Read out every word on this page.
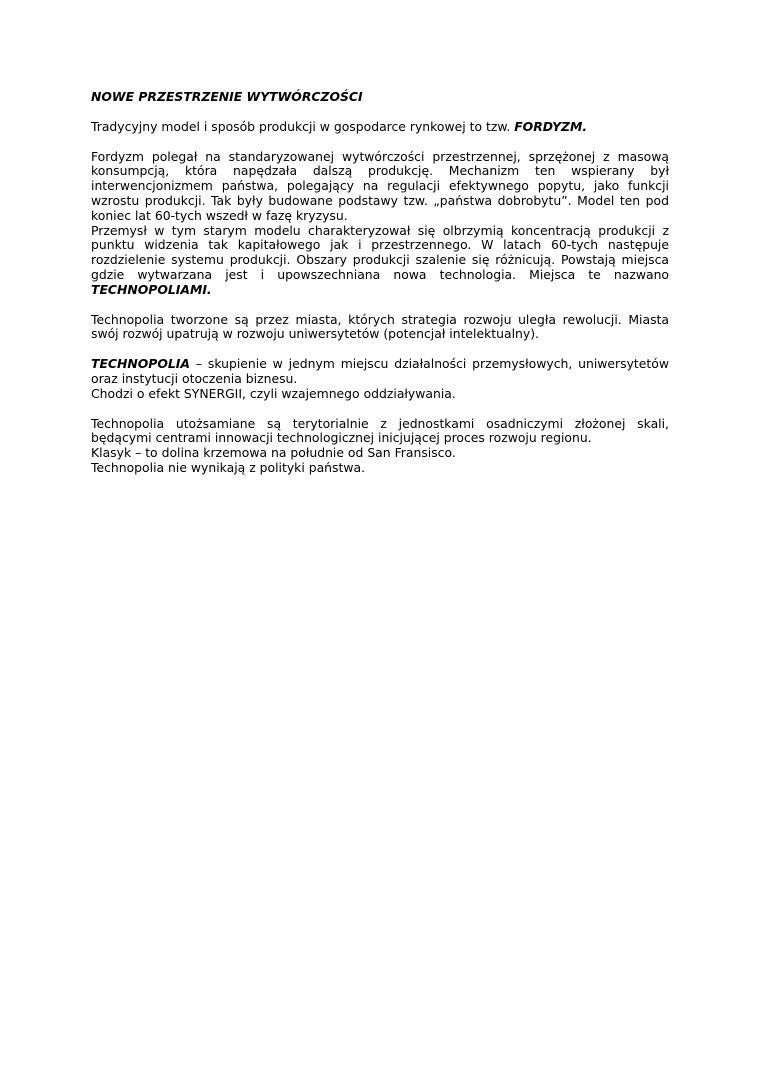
NOWE PRZESTRZENIE WYTWÓRCZOŚCI

Tradycyjny model i sposób produkcji w gospodarce rynkowej to tzw. FORDYZM.

Fordyzm polegał na standaryzowanej wytwórczości przestrzennej, sprzężonej z masową konsumpcją, która napędzała dalszą produkcję. Mechanizm ten wspierany był interwencjonizmem państwa, polegający na regulacji efektywnego popytu, jako funkcji wzrostu produkcji. Tak były budowane podstawy tzw. „państwa dobrobytu”. Model ten pod koniec lat 60-tych wszedł w fazę kryzysu.

Przemysł w tym starym modelu charakteryzował się olbrzymią koncentracją produkcji z punktu widzenia tak kapitałowego jak i przestrzennego. W latach 60-tych następuje rozdzielenie systemu produkcji. Obszary produkcji szalenie się różnicują. Powstają miejsca gdzie wytwarzana jest i upowszechniana nowa technologia. Miejsca te nazwano TECHNOPOLIAMI.

Technopolia tworzone są przez miasta, których strategia rozwoju uległa rewolucji. Miasta swój rozwój upatrują w rozwoju uniwersytetów (potencjał intelektualny).

TECHNOPOLIA – skupienie w jednym miejscu działalności przemysłowych, uniwersytetów oraz instytucji otoczenia biznesu.

Chodzi o efekt SYNERGII, czyli wzajemnego oddziaływania.

Technopolia utożsamiane są terytorialnie z jednostkami osadniczymi złożonej skali, będącymi centrami innowacji technologicznej inicjującej proces rozwoju regionu.

Klasyk – to dolina krzemowa na południe od San Fransisco.

Technopolia nie wynikają z polityki państwa.
